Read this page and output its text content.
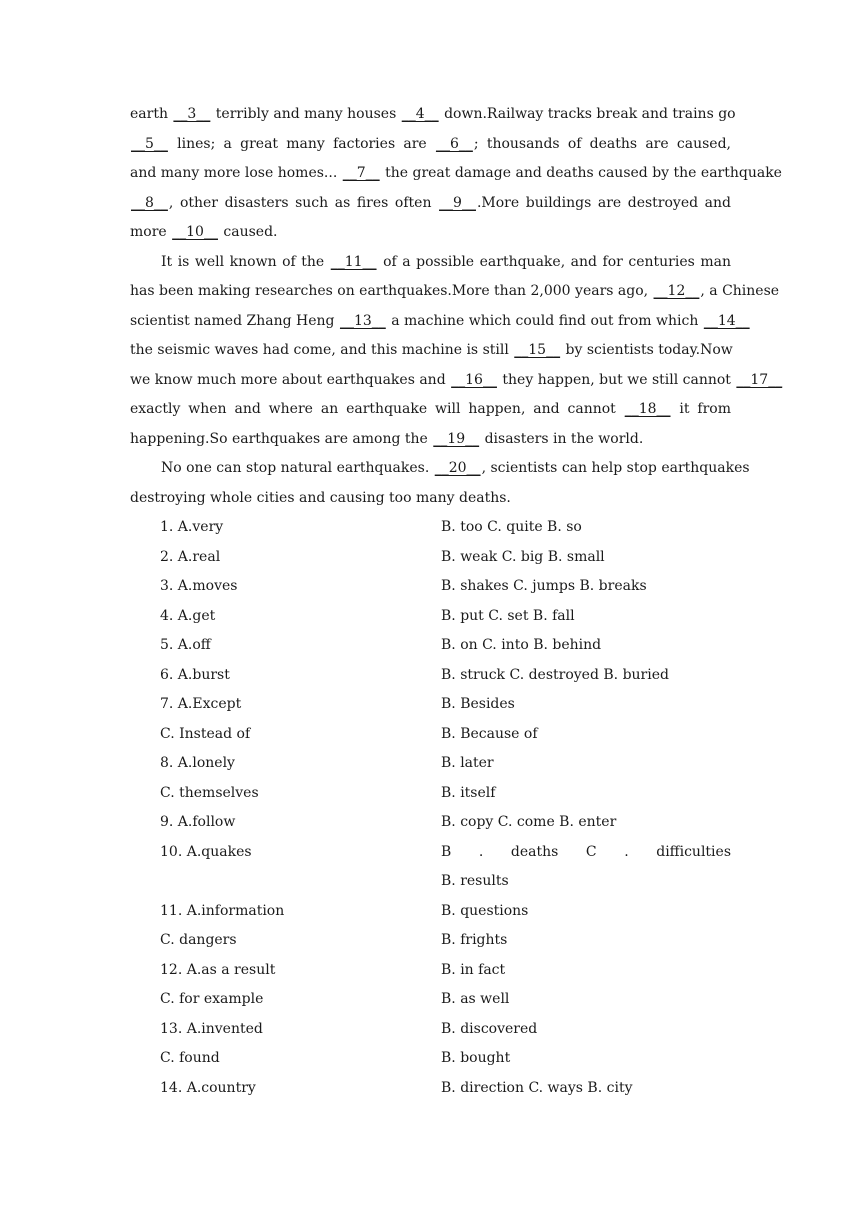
earth __3__ terribly and many houses __4__ down.Railway tracks break and trains go
__5__ lines; a great many factories are __6__; thousands of deaths are caused,
and many more lose homes... __7__ the great damage and deaths caused by the earthquake
__8__, other disasters such as fires often __9__.More buildings are destroyed and
more __10__ caused.
It is well known of the __11__ of a possible earthquake, and for centuries man
has been making researches on earthquakes.More than 2,000 years ago, __12__, a Chinese
scientist named Zhang Heng __13__ a machine which could find out from which __14__
the seismic waves had come, and this machine is still __15__ by scientists today.Now
we know much more about earthquakes and __16__ they happen, but we still cannot __17__
exactly when and where an earthquake will happen, and cannot __18__ it from
happening.So earthquakes are among the __19__ disasters in the world.
No one can stop natural earthquakes. __20__, scientists can help stop earthquakes
destroying whole cities and causing too many deaths.
1. A.very	B. too C. quite B. so
2. A.real	B. weak C. big B. small
3. A.moves	B. shakes C. jumps B. breaks
4. A.get	B. put C. set B. fall
5. A.off	B. on C. into B. behind
6. A.burst	B. struck C. destroyed B. buried
7. A.Except	B. Besides
C. Instead of	B. Because of
8. A.lonely	B. later
C. themselves	B. itself
9. A.follow	B. copy C. come B. enter
10. A.quakes	B . deaths C . difficulties
B. results
11. A.information	B. questions
C. dangers	B. frights
12. A.as a result	B. in fact
C. for example	B. as well
13. A.invented	B. discovered
C. found	B. bought
14. A.country	B. direction C. ways B. city
